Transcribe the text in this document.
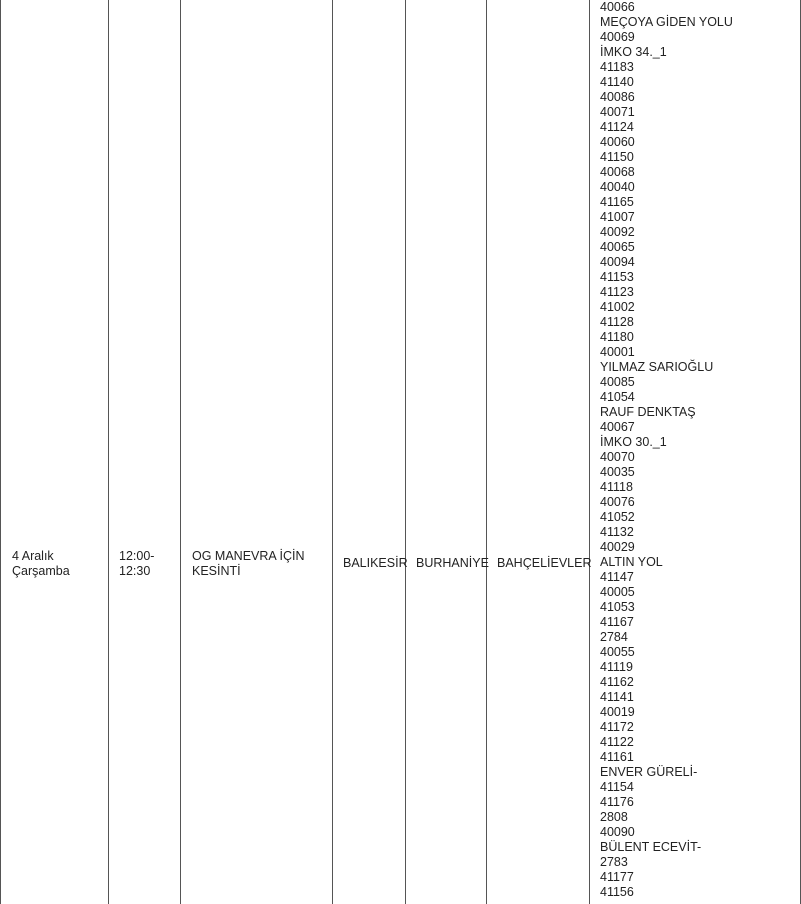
4 Aralık
Çarşamba
12:00-
12:30
OG MANEVRA İÇİN
KESİNTİ
BALIKESİR BURHANİYE BAHÇELİEVLER
40066
MEÇOYA GİDEN YOLU
40069
İMKO 34._1
41183
41140
40086
40071
41124
40060
41150
40068
40040
41165
41007
40092
40065
40094
41153
41123
41002
41128
41180
40001
YILMAZ SARIOĞLU
40085
41054
RAUF DENKTAŞ
40067
İMKO 30._1
40070
40035
41118
40076
41052
41132
40029
ALTIN YOL
41147
40005
41053
41167
2784
40055
41119
41162
41141
40019
41172
41122
41161
ENVER GÜRELİ-
41154
41176
2808
40090
BÜLENT ECEVİT-
2783
41177
41156
